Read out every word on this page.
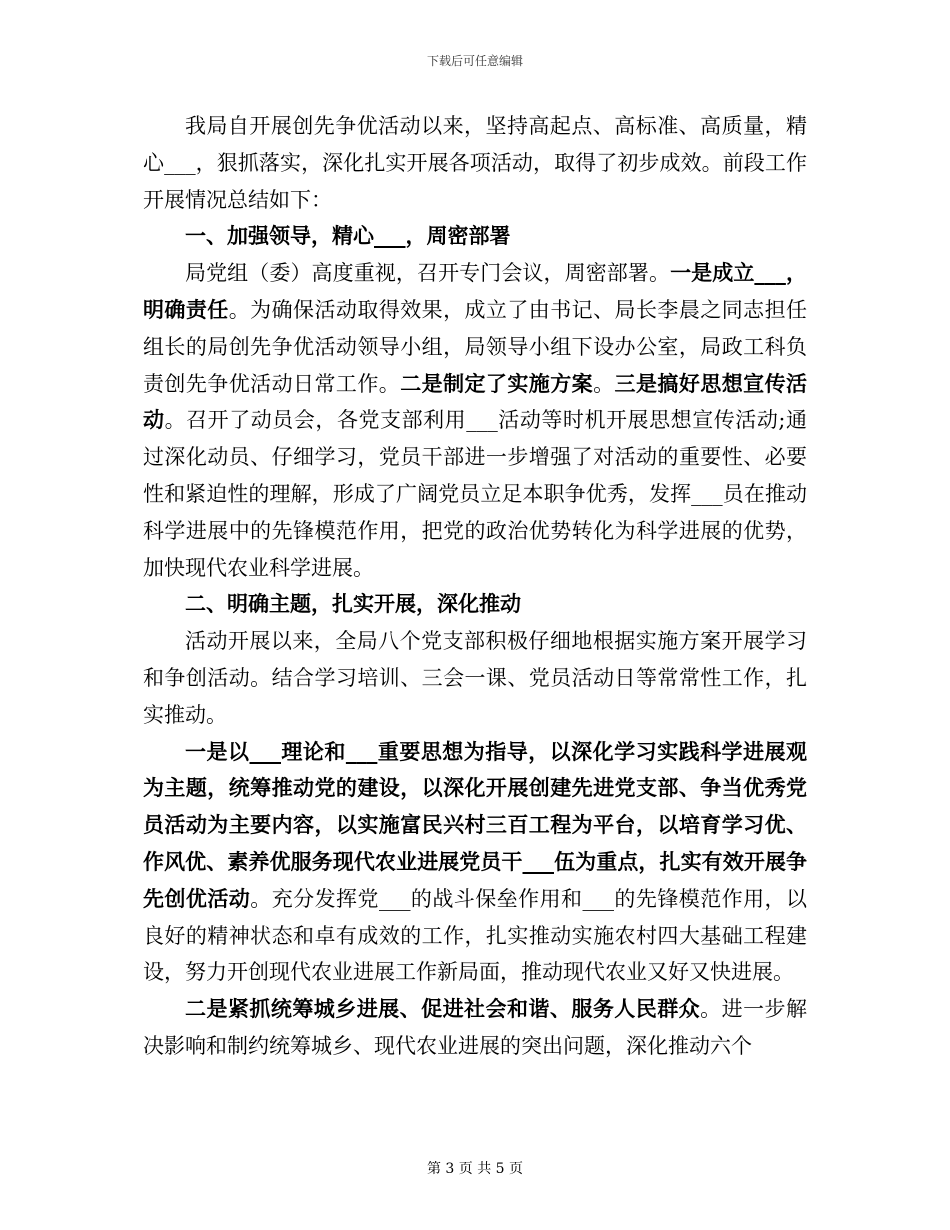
下载后可任意编辑

我局自开展创先争优活动以来，坚持高起点、高标准、高质量，精心___，狠抓落实，深化扎实开展各项活动，取得了初步成效。前段工作开展情况总结如下：

一、加强领导，精心___，周密部署

局党组（委）高度重视，召开专门会议，周密部署。一是成立___，明确责任。为确保活动取得效果，成立了由书记、局长李晨之同志担任组长的局创先争优活动领导小组，局领导小组下设办公室，局政工科负责创先争优活动日常工作。二是制定了实施方案。三是搞好思想宣传活动。召开了动员会，各党支部利用___活动等时机开展思想宣传活动;通过深化动员、仔细学习，党员干部进一步增强了对活动的重要性、必要性和紧迫性的理解，形成了广阔党员立足本职争优秀，发挥___员在推动科学进展中的先锋模范作用，把党的政治优势转化为科学进展的优势，加快现代农业科学进展。

二、明确主题，扎实开展，深化推动

活动开展以来，全局八个党支部积极仔细地根据实施方案开展学习和争创活动。结合学习培训、三会一课、党员活动日等常常性工作，扎实推动。

一是以___理论和___重要思想为指导，以深化学习实践科学进展观为主题，统筹推动党的建设，以深化开展创建先进党支部、争当优秀党员活动为主要内容，以实施富民兴村三百工程为平台，以培育学习优、作风优、素养优服务现代农业进展党员干___伍为重点，扎实有效开展争先创优活动。充分发挥党___的战斗保垒作用和___的先锋模范作用，以良好的精神状态和卓有成效的工作，扎实推动实施农村四大基础工程建设，努力开创现代农业进展工作新局面，推动现代农业又好又快进展。

二是紧抓统筹城乡进展、促进社会和谐、服务人民群众。进一步解决影响和制约统筹城乡、现代农业进展的突出问题，深化推动六个

第 3 页 共 5 页
